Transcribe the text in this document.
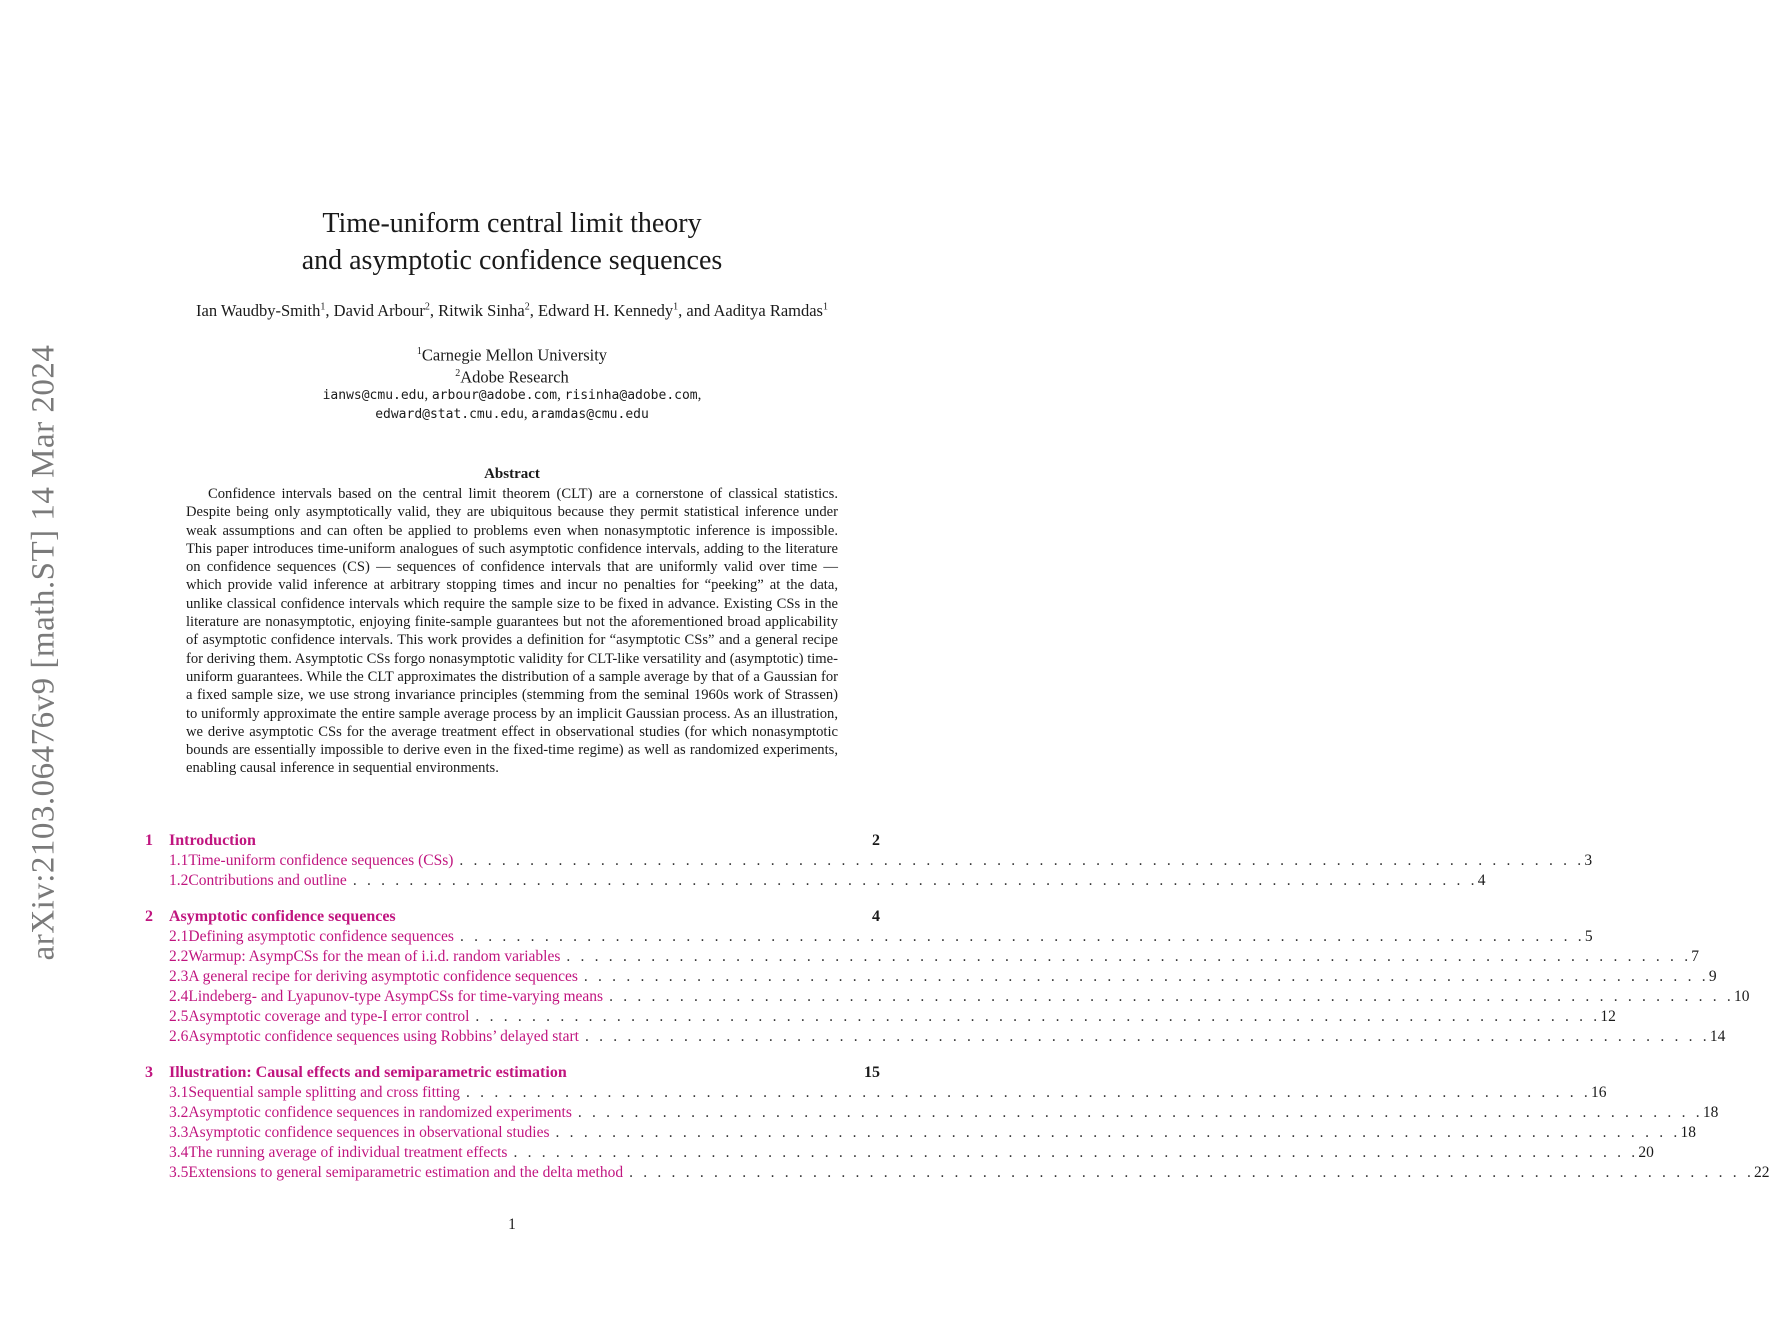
arXiv:2103.06476v9 [math.ST] 14 Mar 2024
Time-uniform central limit theory
and asymptotic confidence sequences
Ian Waudby-Smith$^1$, David Arbour$^2$, Ritwik Sinha$^2$, Edward H. Kennedy$^1$, and Aaditya Ramdas$^1$
$^1$Carnegie Mellon University
$^2$Adobe Research
ianws@cmu.edu, arbour@adobe.com, risinha@adobe.com,
edward@stat.cmu.edu, aramdas@cmu.edu
Abstract
Confidence intervals based on the central limit theorem (CLT) are a cornerstone of classical statistics. Despite being only asymptotically valid, they are ubiquitous because they permit statistical inference under weak assumptions and can often be applied to problems even when nonasymptotic inference is impossible. This paper introduces time-uniform analogues of such asymptotic confidence intervals, adding to the literature on confidence sequences (CS) — sequences of confidence intervals that are uniformly valid over time — which provide valid inference at arbitrary stopping times and incur no penalties for “peeking” at the data, unlike classical confidence intervals which require the sample size to be fixed in advance. Existing CSs in the literature are nonasymptotic, enjoying finite-sample guarantees but not the aforementioned broad applicability of asymptotic confidence intervals. This work provides a definition for “asymptotic CSs” and a general recipe for deriving them. Asymptotic CSs forgo nonasymptotic validity for CLT-like versatility and (asymptotic) time-uniform guarantees. While the CLT approximates the distribution of a sample average by that of a Gaussian for a fixed sample size, we use strong invariance principles (stemming from the seminal 1960s work of Strassen) to uniformly approximate the entire sample average process by an implicit Gaussian process. As an illustration, we derive asymptotic CSs for the average treatment effect in observational studies (for which nonasymptotic bounds are essentially impossible to derive even in the fixed-time regime) as well as randomized experiments, enabling causal inference in sequential environments.
1	Introduction	2
1.1 Time-uniform confidence sequences (CSs) . . . . . . . . . . . . . . . . . . . . . . . . . . . . . . . . . . . . . . . . . . . . . . . . . . . . . . . . . . . . . . . . . . . . . . . . . . . . . . . . 3
1.2 Contributions and outline . . . . . . . . . . . . . . . . . . . . . . . . . . . . . . . . . . . . . . . . . . . . . . . . . . . . . . . . . . . . . . . . . . . . . . . . . . . . . . . . 4
2	Asymptotic confidence sequences	4
2.1 Defining asymptotic confidence sequences . . . . . . . . . . . . . . . . . . . . . . . . . . . . . . . . . . . . . . . . . . . . . . . . . . . . . . . . . . . . . . . . . . . . . . . . . . . . . . . . 5
2.2 Warmup: AsympCSs for the mean of i.i.d. random variables . . . . . . . . . . . . . . . . . . . . . . . . . . . . . . . . . . . . . . . . . . . . . . . . . . . . . . . . . . . . . . . . . . . . . . . . . . . . . . . . 7
2.3 A general recipe for deriving asymptotic confidence sequences . . . . . . . . . . . . . . . . . . . . . . . . . . . . . . . . . . . . . . . . . . . . . . . . . . . . . . . . . . . . . . . . . . . . . . . . . . . . . . . . 9
2.4 Lindeberg- and Lyapunov-type AsympCSs for time-varying means . . . . . . . . . . . . . . . . . . . . . . . . . . . . . . . . . . . . . . . . . . . . . . . . . . . . . . . . . . . . . . . . . . . . . . . . . . . . . . . . 10
2.5 Asymptotic coverage and type-I error control . . . . . . . . . . . . . . . . . . . . . . . . . . . . . . . . . . . . . . . . . . . . . . . . . . . . . . . . . . . . . . . . . . . . . . . . . . . . . . . . 12
2.6 Asymptotic confidence sequences using Robbins’ delayed start . . . . . . . . . . . . . . . . . . . . . . . . . . . . . . . . . . . . . . . . . . . . . . . . . . . . . . . . . . . . . . . . . . . . . . . . . . . . . . . . 14
3	Illustration: Causal effects and semiparametric estimation	15
3.1 Sequential sample splitting and cross fitting . . . . . . . . . . . . . . . . . . . . . . . . . . . . . . . . . . . . . . . . . . . . . . . . . . . . . . . . . . . . . . . . . . . . . . . . . . . . . . . . 16
3.2 Asymptotic confidence sequences in randomized experiments . . . . . . . . . . . . . . . . . . . . . . . . . . . . . . . . . . . . . . . . . . . . . . . . . . . . . . . . . . . . . . . . . . . . . . . . . . . . . . . . 18
3.3 Asymptotic confidence sequences in observational studies . . . . . . . . . . . . . . . . . . . . . . . . . . . . . . . . . . . . . . . . . . . . . . . . . . . . . . . . . . . . . . . . . . . . . . . . . . . . . . . . 18
3.4 The running average of individual treatment effects . . . . . . . . . . . . . . . . . . . . . . . . . . . . . . . . . . . . . . . . . . . . . . . . . . . . . . . . . . . . . . . . . . . . . . . . . . . . . . . . 20
3.5 Extensions to general semiparametric estimation and the delta method . . . . . . . . . . . . . . . . . . . . . . . . . . . . . . . . . . . . . . . . . . . . . . . . . . . . . . . . . . . . . . . . . . . . . . . . . . . . . . . . 22
1
